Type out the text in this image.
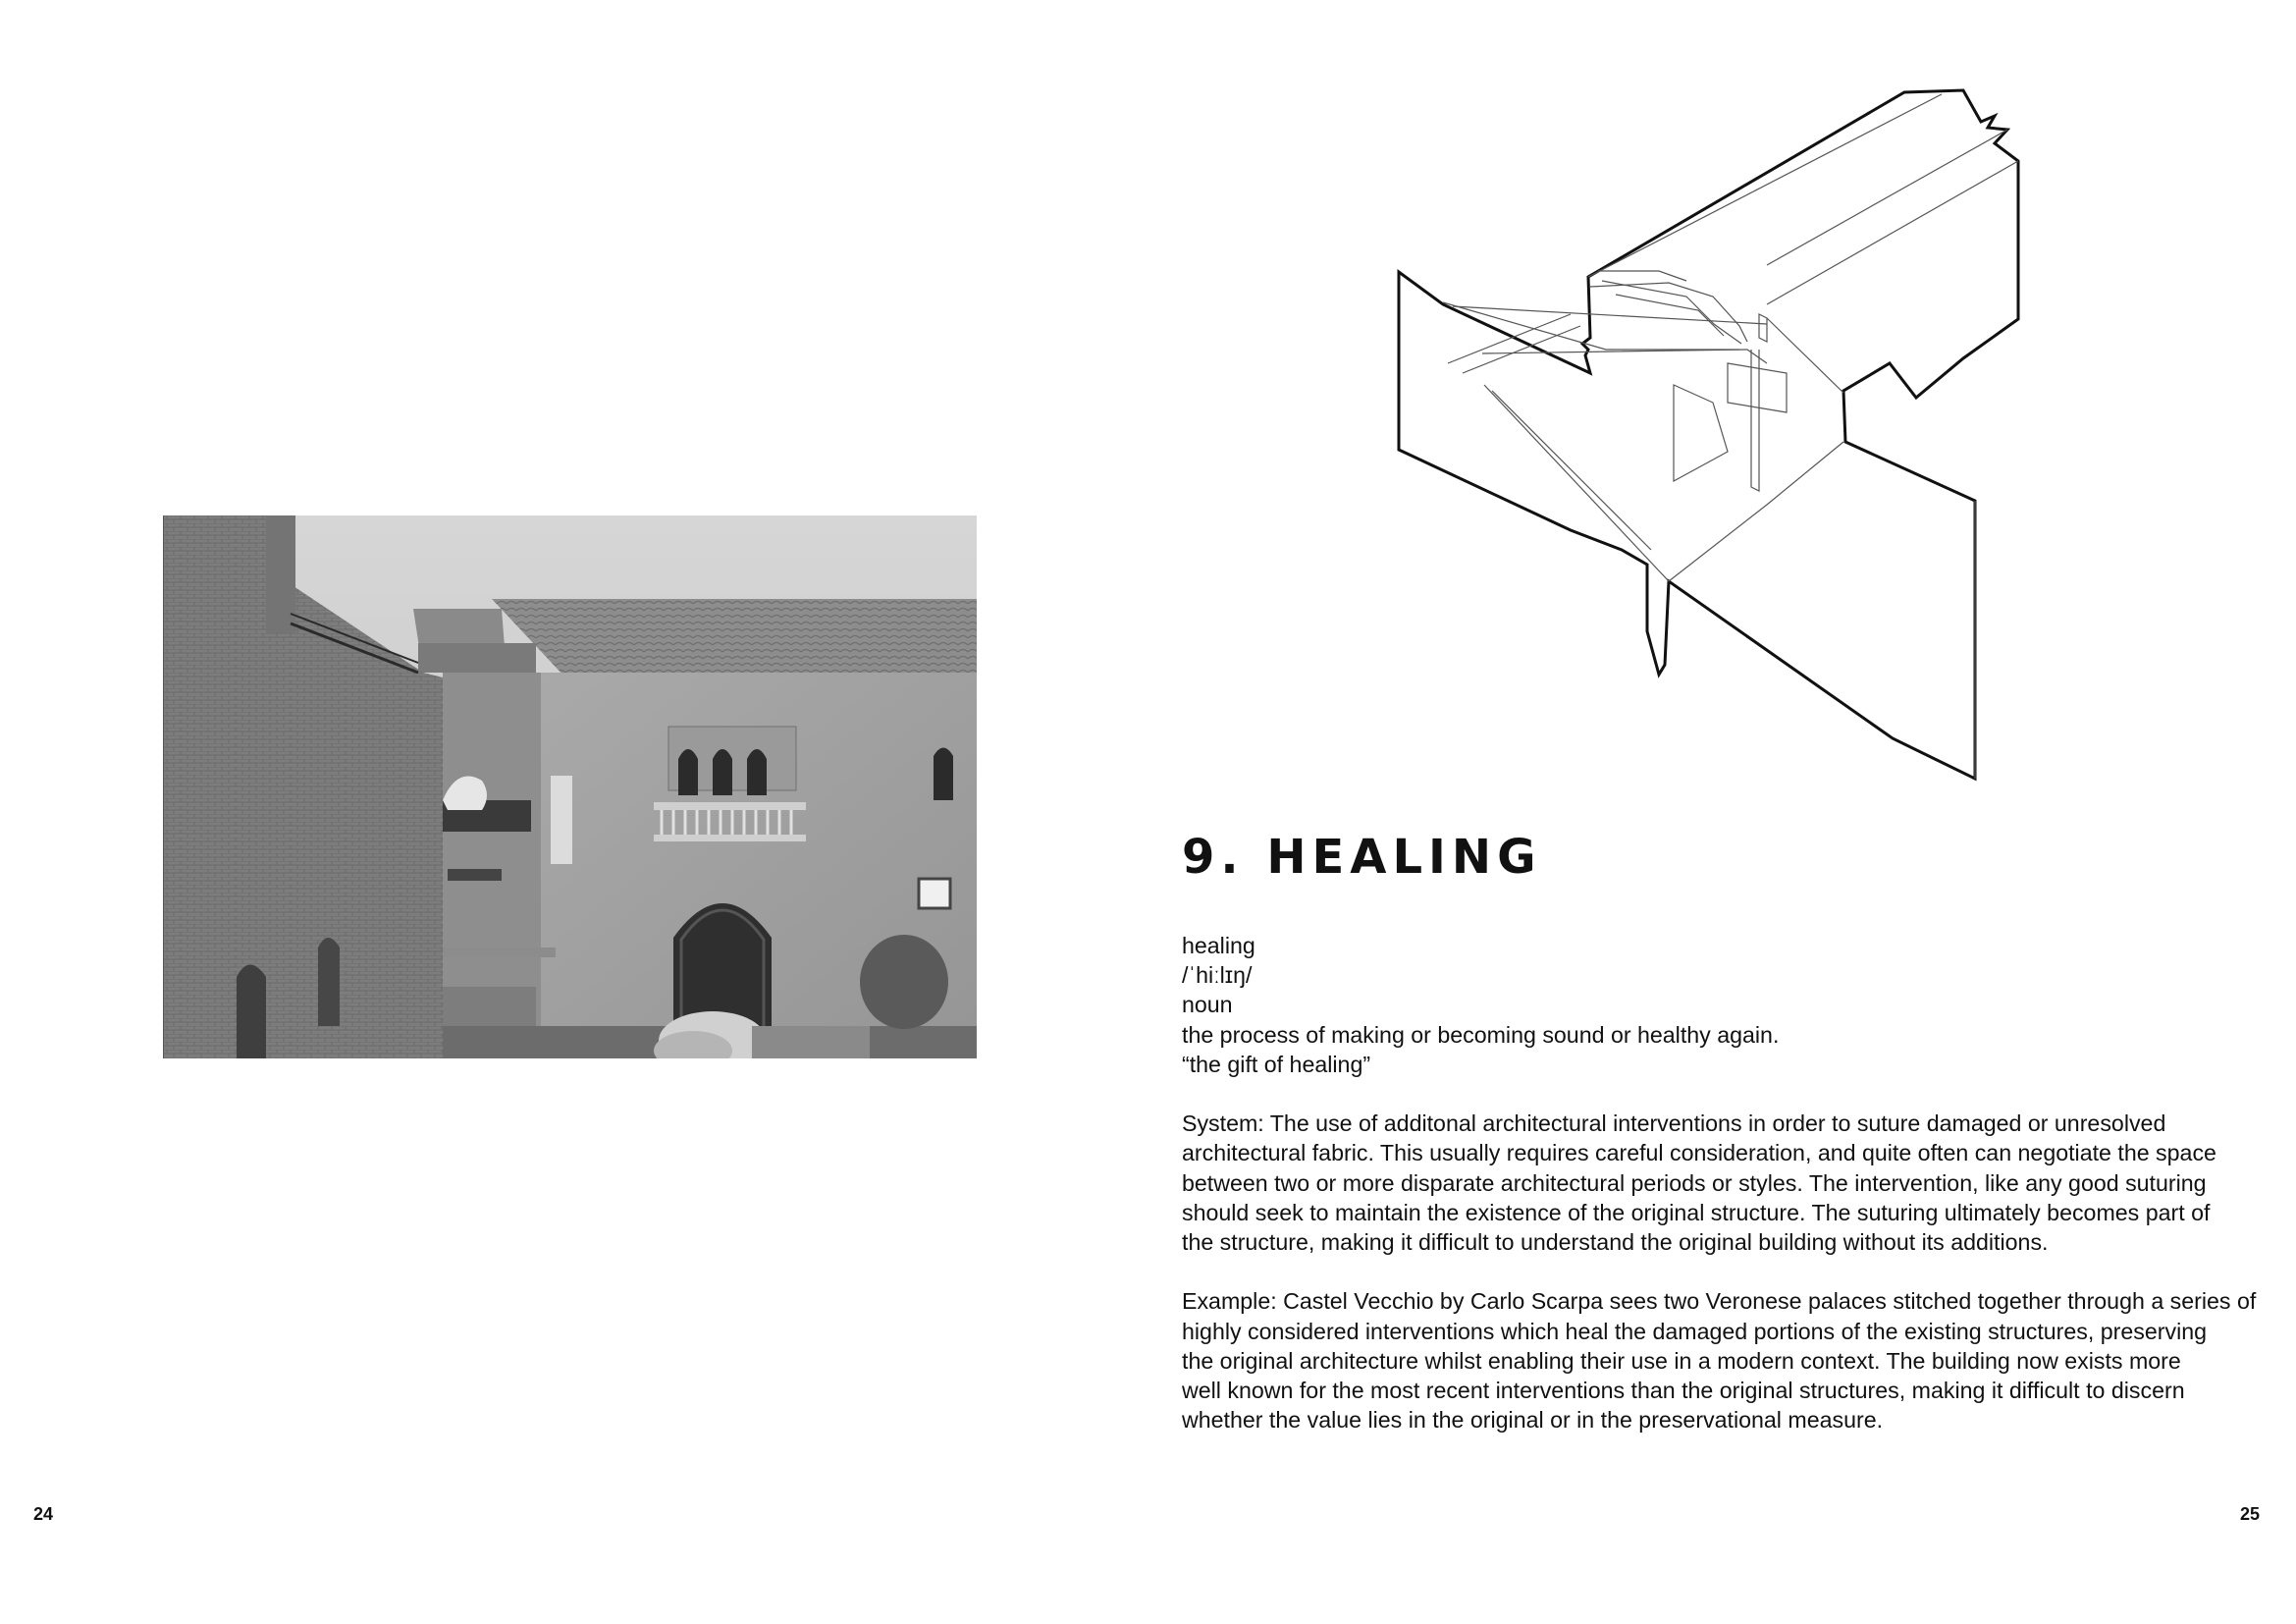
24
9. HEALING
healing
/ˈhiːlɪŋ/
noun
the process of making or becoming sound or healthy again.
“the gift of healing”
System: The use of additonal architectural interventions in order to suture damaged or unresolved
architectural fabric. This usually requires careful consideration, and quite often can negotiate the space
between two or more disparate architectural periods or styles. The intervention, like any good suturing
should seek to maintain the existence of the original structure. The suturing ultimately becomes part of
the structure, making it difficult to understand the original building without its additions.
Example: Castel Vecchio by Carlo Scarpa sees two Veronese palaces stitched together through a series of
highly considered interventions which heal the damaged portions of the existing structures, preserving
the original architecture whilst enabling their use in a modern context. The building now exists more
well known for the most recent interventions than the original structures, making it difficult to discern
whether the value lies in the original or in the preservational measure.
25
